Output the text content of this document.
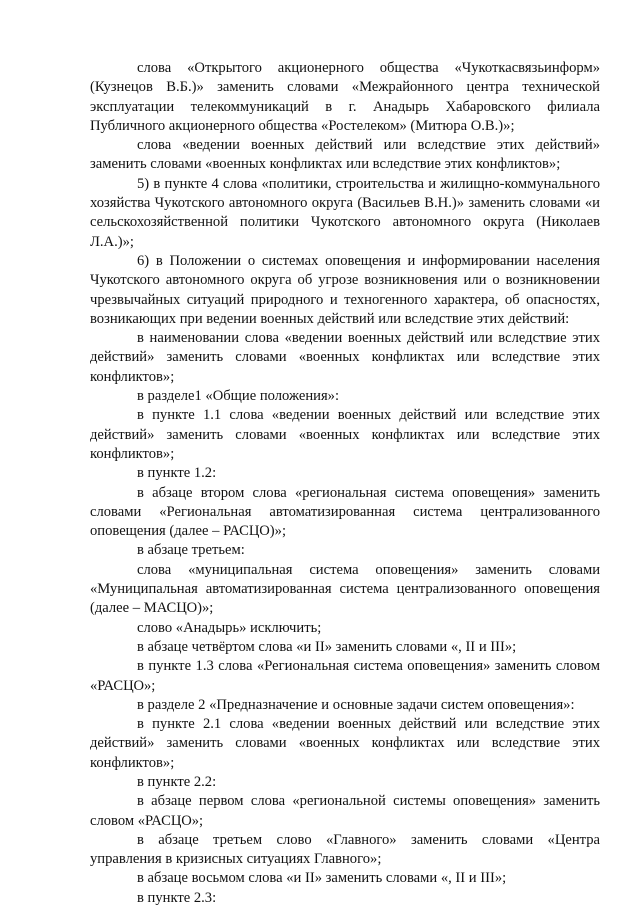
слова «Открытого акционерного общества «Чукоткасвязьинформ» (Кузнецов В.Б.)» заменить словами «Межрайонного центра технической эксплуатации телекоммуникаций в г. Анадырь Хабаровского филиала Публичного акционерного общества «Ростелеком» (Митюра О.В.)»;

слова «ведении военных действий или вследствие этих действий» заменить словами «военных конфликтах или вследствие этих конфликтов»;

5) в пункте 4 слова «политики, строительства и жилищно-коммунального хозяйства Чукотского автономного округа (Васильев В.Н.)» заменить словами «и сельскохозяйственной политики Чукотского автономного округа (Николаев Л.А.)»;

6) в Положении о системах оповещения и информировании населения Чукотского автономного округа об угрозе возникновения или о возникновении чрезвычайных ситуаций природного и техногенного характера, об опасностях, возникающих при ведении военных действий или вследствие этих действий:

в наименовании слова «ведении военных действий или вследствие этих действий» заменить словами «военных конфликтах или вследствие этих конфликтов»;

в разделе1 «Общие положения»:

в пункте 1.1 слова «ведении военных действий или вследствие этих действий» заменить словами «военных конфликтах или вследствие этих конфликтов»;

в пункте 1.2:

в абзаце втором слова «региональная система оповещения» заменить словами «Региональная автоматизированная система централизованного оповещения (далее – РАСЦО)»;

в абзаце третьем:

слова «муниципальная система оповещения» заменить словами «Муниципальная автоматизированная система централизованного оповещения (далее – МАСЦО)»;

слово «Анадырь» исключить;

в абзаце четвёртом слова «и II» заменить словами «, II и III»;

в пункте 1.3 слова «Региональная система оповещения» заменить словом «РАСЦО»;

в разделе 2 «Предназначение и основные задачи систем оповещения»:

в пункте 2.1 слова «ведении военных действий или вследствие этих действий» заменить словами «военных конфликтах или вследствие этих конфликтов»;

в пункте 2.2:

в абзаце первом слова «региональной системы оповещения» заменить словом «РАСЦО»;

в абзаце третьем слово «Главного» заменить словами «Центра управления в кризисных ситуациях Главного»;

в абзаце восьмом слова «и II» заменить словами «, II и III»;

в пункте 2.3:
